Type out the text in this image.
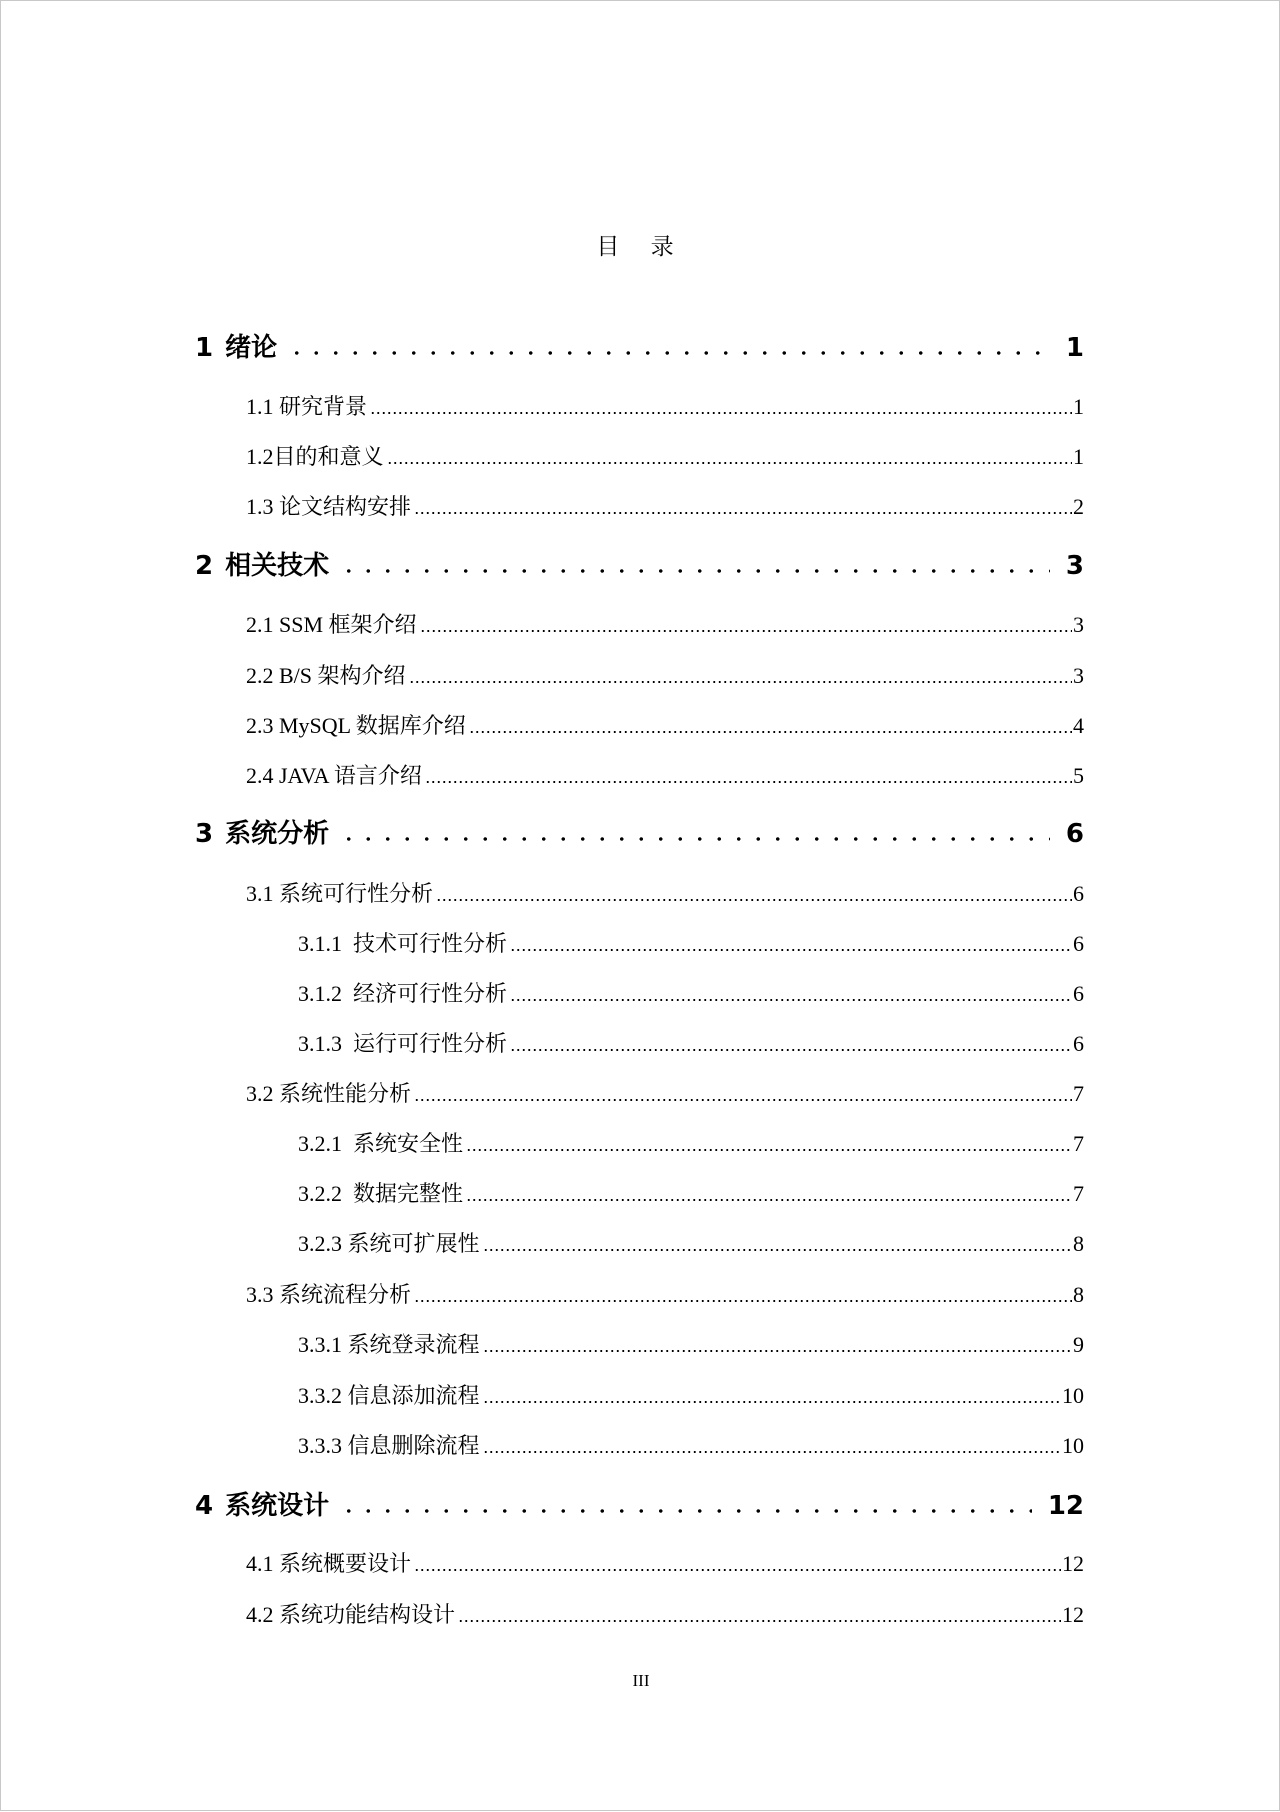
目 录
1 绪论	1
1.1 研究背景	1
1.2目的和意义	1
1.3 论文结构安排	2
2 相关技术	3
2.1 SSM 框架介绍	3
2.2 B/S 架构介绍	3
2.3 MySQL 数据库介绍	4
2.4 JAVA 语言介绍	5
3 系统分析	6
3.1 系统可行性分析	6
3.1.1 技术可行性分析	6
3.1.2 经济可行性分析	6
3.1.3 运行可行性分析	6
3.2 系统性能分析	7
3.2.1 系统安全性	7
3.2.2 数据完整性	7
3.2.3 系统可扩展性	8
3.3 系统流程分析	8
3.3.1 系统登录流程	9
3.3.2 信息添加流程	10
3.3.3 信息删除流程	10
4 系统设计	12
4.1 系统概要设计	12
4.2 系统功能结构设计	12
III
